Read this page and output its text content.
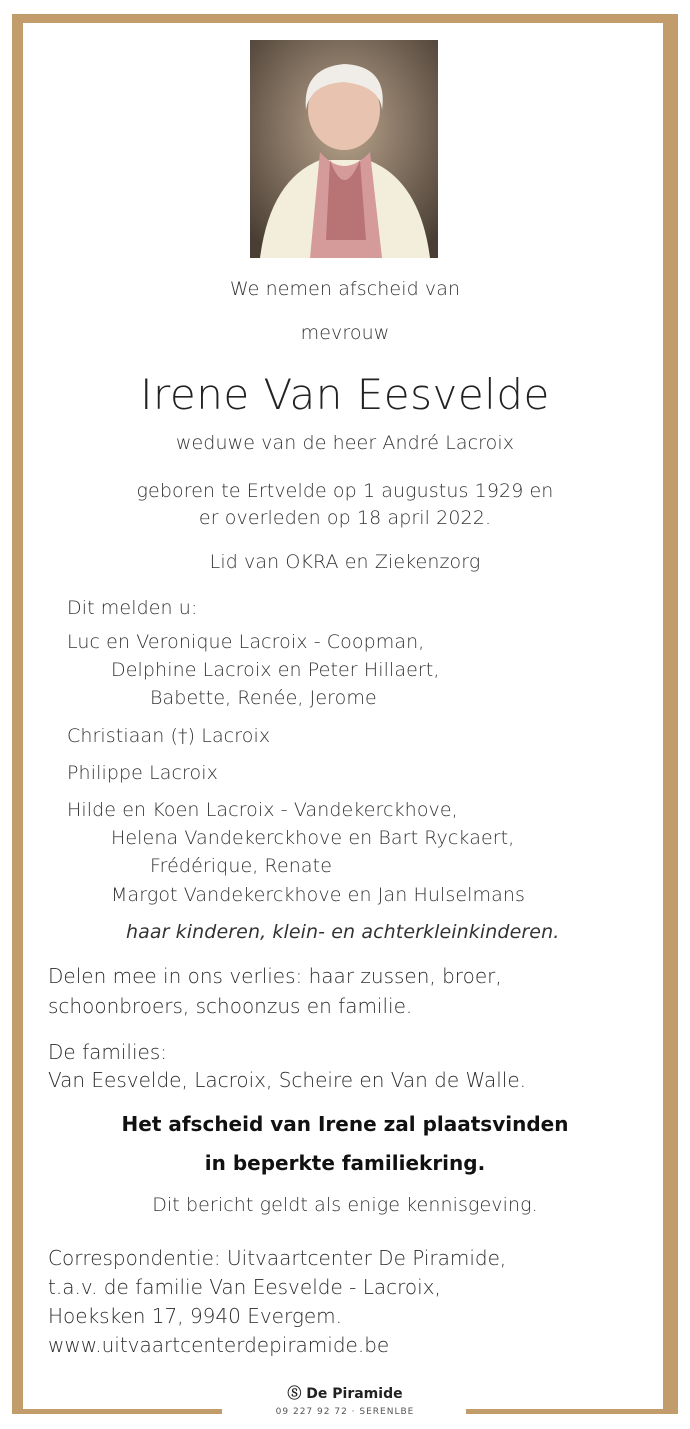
We nemen afscheid van
mevrouw
Irene Van Eesvelde
weduwe van de heer André Lacroix
geboren te Ertvelde op 1 augustus 1929 en
er overleden op 18 april 2022.
Lid van OKRA en Ziekenzorg
Dit melden u:
Luc en Veronique Lacroix - Coopman,
Delphine Lacroix en Peter Hillaert,
Babette, Renée, Jerome
Christiaan (†) Lacroix
Philippe Lacroix
Hilde en Koen Lacroix - Vandekerckhove,
Helena Vandekerckhove en Bart Ryckaert,
Frédérique, Renate
Margot Vandekerckhove en Jan Hulselmans
haar kinderen, klein- en achterkleinkinderen.
Delen mee in ons verlies: haar zussen, broer,
schoonbroers, schoonzus en familie.
De families:
Van Eesvelde, Lacroix, Scheire en Van de Walle.
Het afscheid van Irene zal plaatsvinden
in beperkte familiekring.
Dit bericht geldt als enige kennisgeving.
Correspondentie: Uitvaartcenter De Piramide,
t.a.v. de familie Van Eesvelde - Lacroix,
Hoeksken 17, 9940 Evergem.
www.uitvaartcenterdepiramide.be
Ⓢ De Piramide
09 227 92 72 · SERENLBE
